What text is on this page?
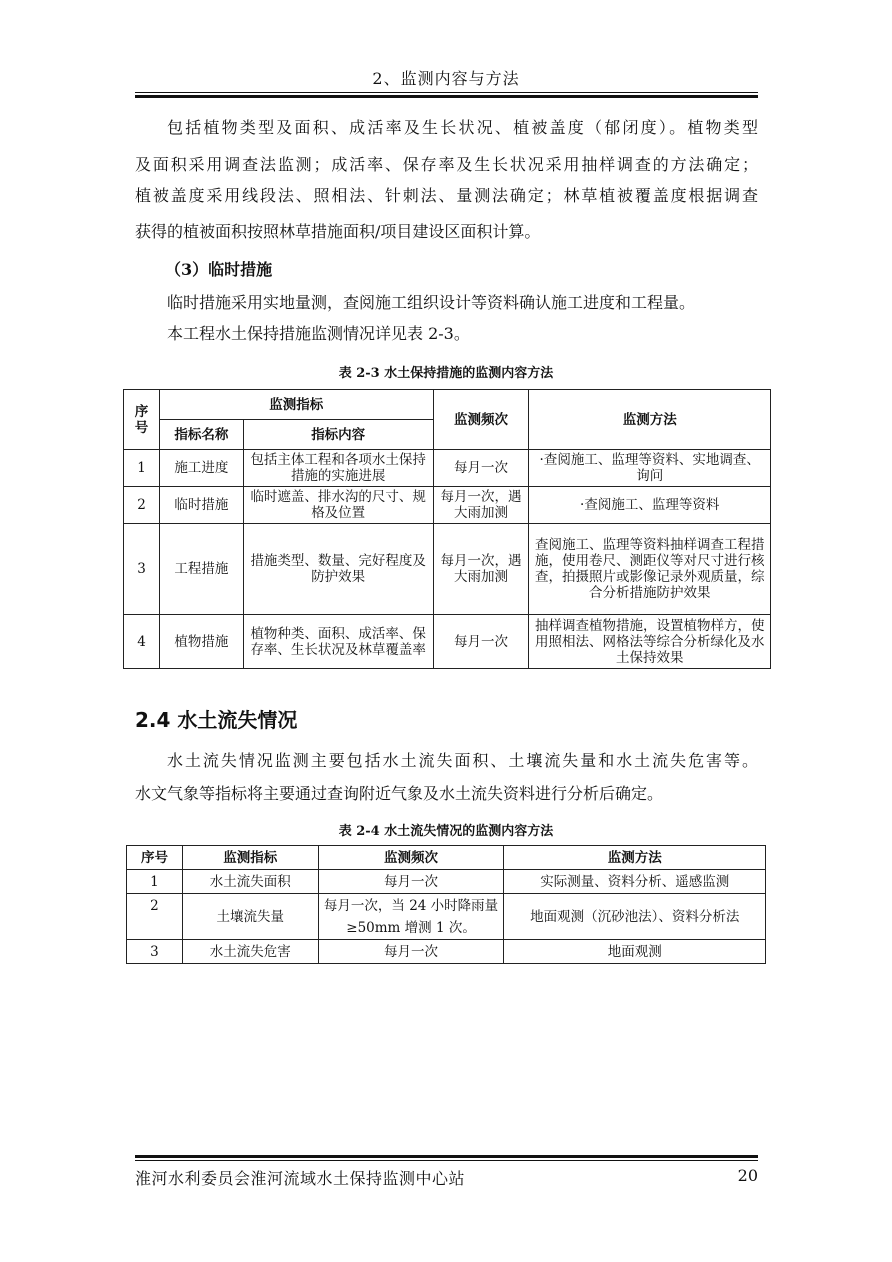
2、监测内容与方法
包括植物类型及面积、成活率及生长状况、植被盖度（郁闭度）。植物类型
及面积采用调查法监测；成活率、保存率及生长状况采用抽样调查的方法确定；
植被盖度采用线段法、照相法、针刺法、量测法确定；林草植被覆盖度根据调查
获得的植被面积按照林草措施面积/项目建设区面积计算。
（3）临时措施
临时措施采用实地量测，查阅施工组织设计等资料确认施工进度和工程量。
本工程水土保持措施监测情况详见表 2-3。
表 2-3 水土保持措施的监测内容方法
序号	监测指标		监测频次	监测方法
	指标名称	指标内容		
1	施工进度	包括主体工程和各项水土保持措施的实施进展	每月一次	·查阅施工、监理等资料、实地调查、询问
2	临时措施	临时遮盖、排水沟的尺寸、规格及位置	每月一次，遇大雨加测	·查阅施工、监理等资料
3	工程措施	措施类型、数量、完好程度及防护效果	每月一次，遇大雨加测	查阅施工、监理等资料抽样调查工程措施，使用卷尺、测距仪等对尺寸进行核查，拍摄照片或影像记录外观质量，综合分析措施防护效果
4	植物措施	植物种类、面积、成活率、保存率、生长状况及林草覆盖率	每月一次	抽样调查植物措施，设置植物样方，使用照相法、网格法等综合分析绿化及水土保持效果
2.4 水土流失情况
水土流失情况监测主要包括水土流失面积、土壤流失量和水土流失危害等。
水文气象等指标将主要通过查询附近气象及水土流失资料进行分析后确定。
表 2-4 水土流失情况的监测内容方法
序号	监测指标	监测频次	监测方法
1	水土流失面积	每月一次	实际测量、资料分析、遥感监测
2	土壤流失量	每月一次，当 24 小时降雨量≥50mm 增测 1 次。	地面观测（沉砂池法）、资料分析法
3	水土流失危害	每月一次	地面观测
淮河水利委员会淮河流域水土保持监测中心站	20
